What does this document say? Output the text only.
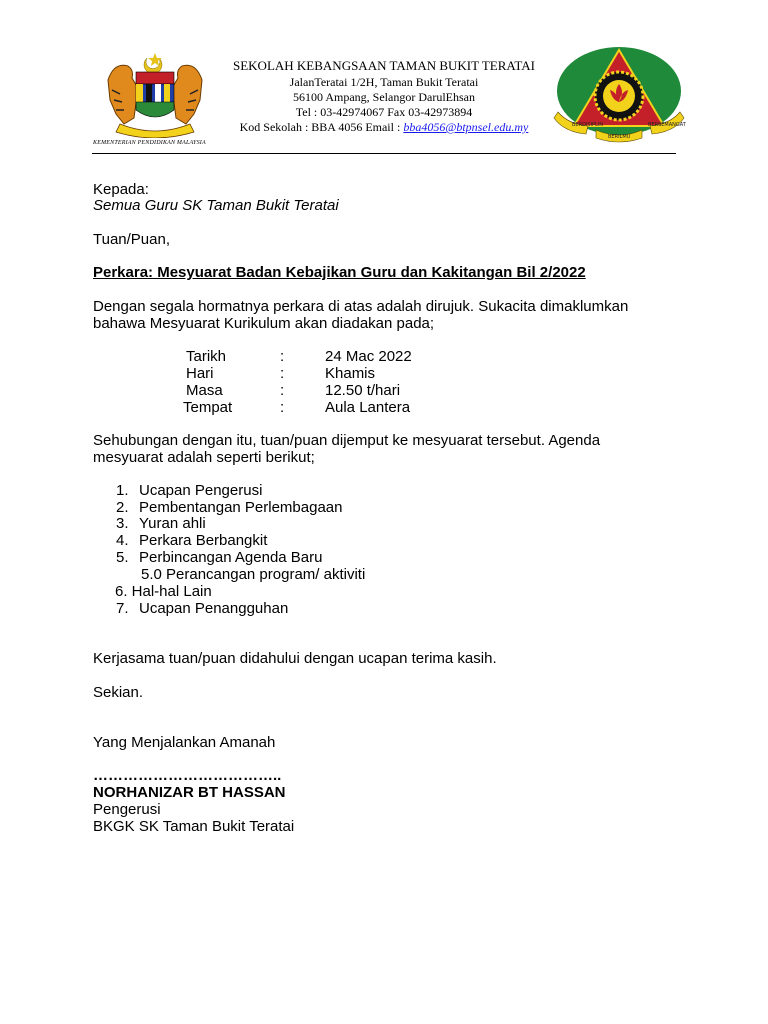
KEMENTERIAN PENDIDIKAN MALAYSIA
SEKOLAH KEBANGSAAN TAMAN BUKIT TERATAI
JalanTeratai 1/2H, Taman Bukit Teratai
56100 Ampang, Selangor DarulEhsan
Tel : 03-42974067 Fax 03-42973894
Kod Sekolah : BBA 4056 Email : bba4056@btpnsel.edu.my	BERDISIPLIN	BERSEMANGAT
BERILMU
Kepada:
Semua Guru SK Taman Bukit Teratai
Tuan/Puan,
Perkara: Mesyuarat Badan Kebajikan Guru dan Kakitangan Bil 2/2022
Dengan segala hormatnya perkara di atas adalah dirujuk. Sukacita dimaklumkan
bahawa Mesyuarat Kurikulum akan diadakan pada;
Tarikh	:	24 Mac 2022
Hari	:	Khamis
Masa	:	12.50 t/hari
Tempat	:	Aula Lantera
Sehubungan dengan itu, tuan/puan dijemput ke mesyuarat tersebut. Agenda
mesyuarat adalah seperti berikut;
1. Ucapan Pengerusi
2. Pembentangan Perlembagaan
3. Yuran ahli
4. Perkara Berbangkit
5. Perbincangan Agenda Baru
5.0 Perancangan program/ aktiviti
6. Hal-hal Lain
7. Ucapan Penangguhan
Kerjasama tuan/puan didahului dengan ucapan terima kasih.
Sekian.
Yang Menjalankan Amanah
………………………………..
NORHANIZAR BT HASSAN
Pengerusi
BKGK SK Taman Bukit Teratai
